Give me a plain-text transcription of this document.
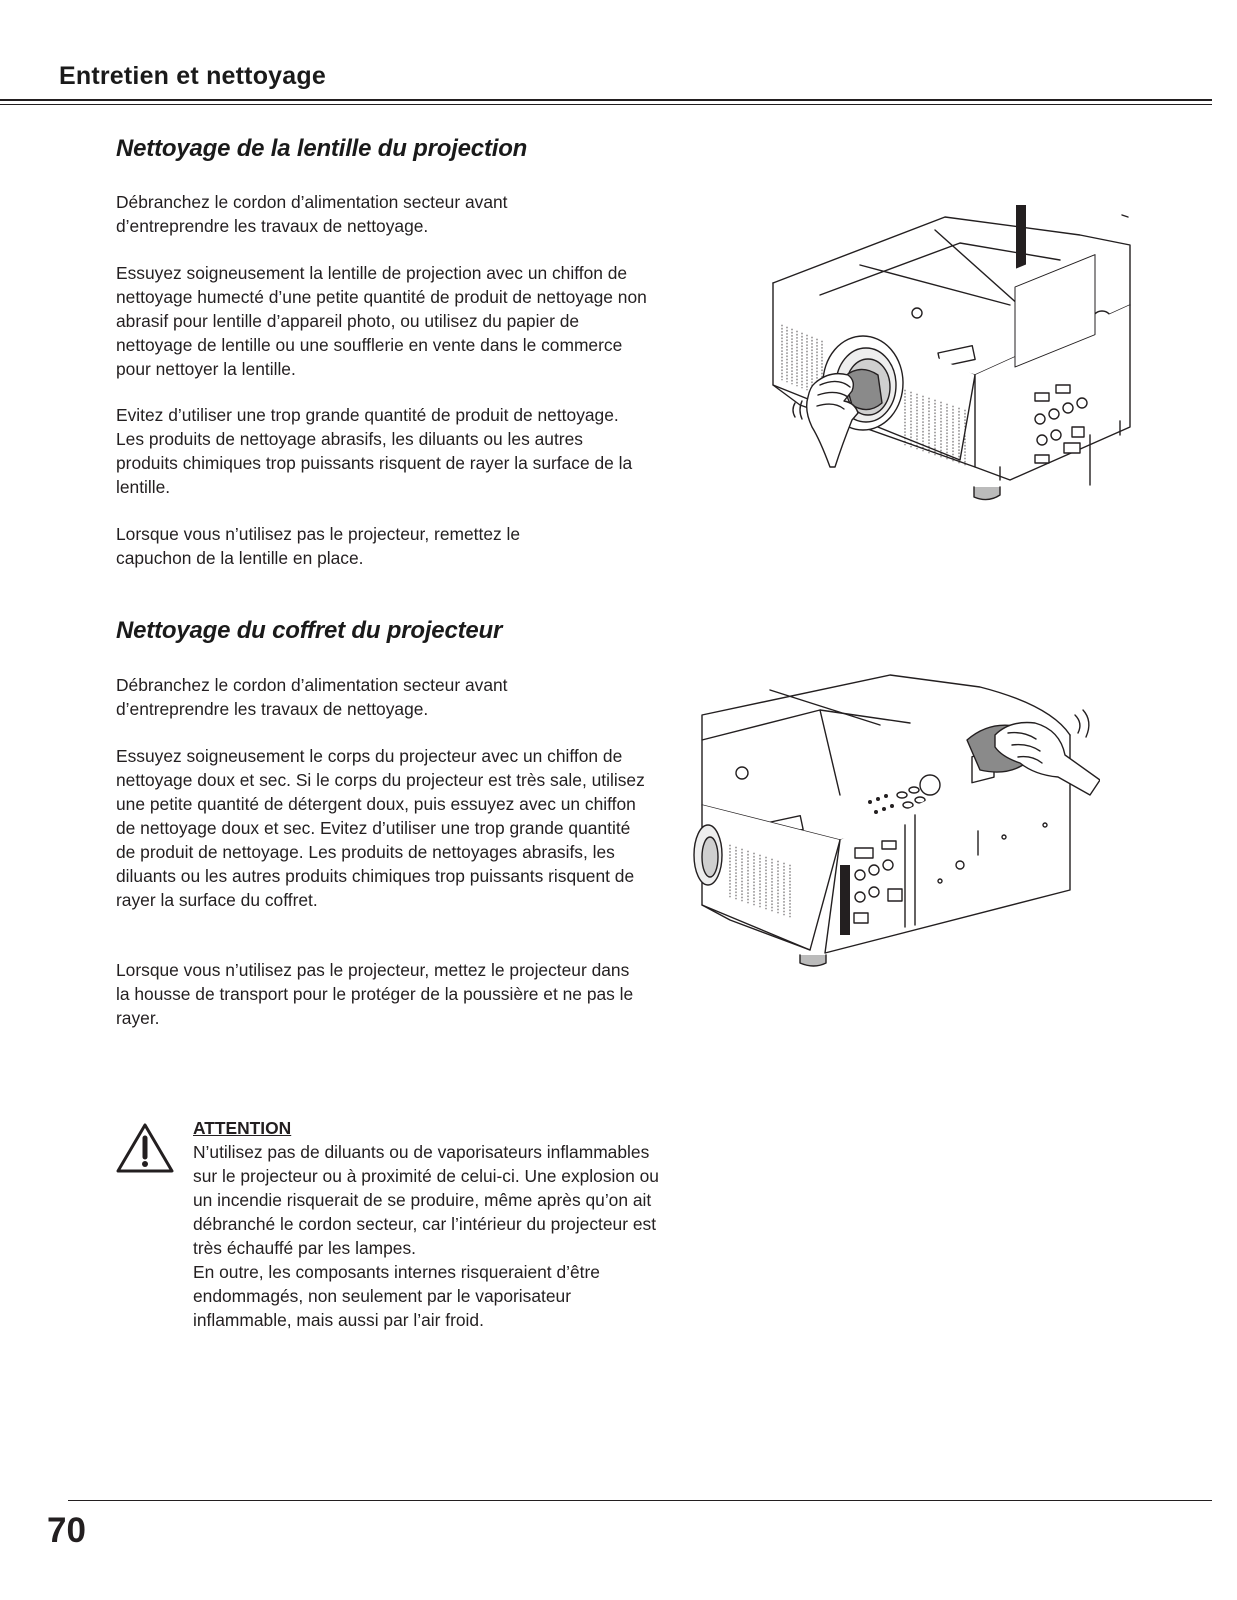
Entretien et nettoyage
Nettoyage de la lentille du projection

Débranchez le cordon d’alimentation secteur avant d’entreprendre les travaux de nettoyage.

Essuyez soigneusement la lentille de projection avec un chiffon de nettoyage humecté d’une petite quantité de produit de nettoyage non abrasif pour lentille d’appareil photo, ou utilisez du papier de nettoyage de lentille ou une soufflerie en vente dans le commerce pour nettoyer la lentille.

Evitez d’utiliser une trop grande quantité de produit de nettoyage. Les produits de nettoyage abrasifs, les diluants ou les autres produits chimiques trop puissants risquent de rayer la surface de la lentille.

Lorsque vous n’utilisez pas le projecteur, remettez le capuchon de la lentille en place.

Nettoyage du coffret du projecteur

Débranchez le cordon d’alimentation secteur avant d’entreprendre les travaux de nettoyage.

Essuyez soigneusement le corps du projecteur avec un chiffon de nettoyage doux et sec. Si le corps du projecteur est très sale, utilisez une petite quantité de détergent doux, puis essuyez avec un chiffon de nettoyage doux et sec. Evitez d’utiliser une trop grande quantité de produit de nettoyage. Les produits de nettoyages abrasifs, les diluants ou les autres produits chimiques trop puissants risquent de rayer la surface du coffret.

Lorsque vous n’utilisez pas le projecteur, mettez le projecteur dans la housse de transport pour le protéger de la poussière et ne pas le rayer.

ATTENTION
N’utilisez pas de diluants ou de vaporisateurs inflammables sur le projecteur ou à proximité de celui-ci. Une explosion ou un incendie risquerait de se produire, même après qu’on ait débranché le cordon secteur, car l’intérieur du projecteur est très échauffé par les lampes.
En outre, les composants internes risqueraient d’être endommagés, non seulement par le vaporisateur inflammable, mais aussi par l’air froid.
70
